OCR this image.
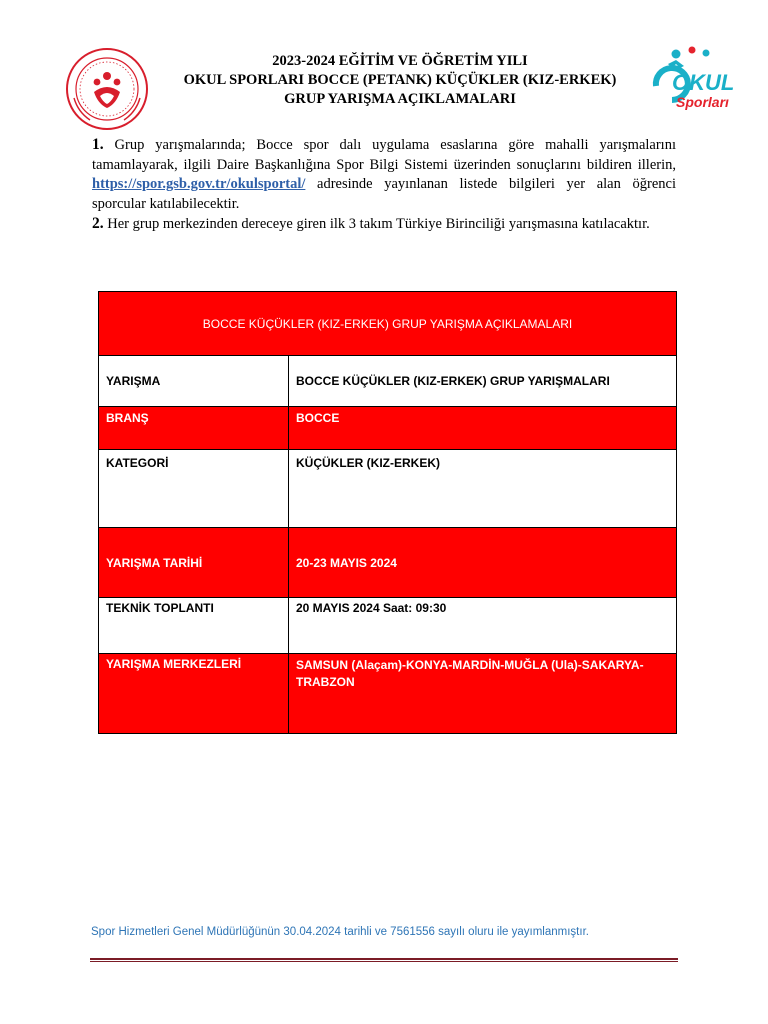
2023-2024 EĞİTİM VE ÖĞRETİM YILI
OKUL SPORLARI BOCCE (PETANK) KÜÇÜKLER (KIZ-ERKEK)
GRUP YARIŞMA AÇIKLAMALARI
OKUL
Sporları

1. Grup yarışmalarında; Bocce spor dalı uygulama esaslarına göre mahalli yarışmalarını tamamlayarak, ilgili Daire Başkanlığına Spor Bilgi Sistemi üzerinden sonuçlarını bildiren illerin, https://spor.gsb.gov.tr/okulsportal/ adresinde yayınlanan listede bilgileri yer alan öğrenci sporcular katılabilecektir.

2. Her grup merkezinden dereceye giren ilk 3 takım Türkiye Birinciliği yarışmasına katılacaktır.

BOCCE KÜÇÜKLER (KIZ-ERKEK) GRUP YARIŞMA AÇIKLAMALARI	
YARIŞMA	BOCCE KÜÇÜKLER (KIZ-ERKEK) GRUP YARIŞMALARI
BRANŞ	BOCCE
KATEGORİ	KÜÇÜKLER (KIZ-ERKEK)
YARIŞMA TARİHİ	20-23 MAYIS 2024
TEKNİK TOPLANTI	20 MAYIS 2024 Saat: 09:30
YARIŞMA MERKEZLERİ	SAMSUN (Alaçam)-KONYA-MARDİN-MUĞLA (Ula)-SAKARYA-TRABZON
Spor Hizmetleri Genel Müdürlüğünün 30.04.2024 tarihli ve 7561556 sayılı oluru ile yayımlanmıştır.
